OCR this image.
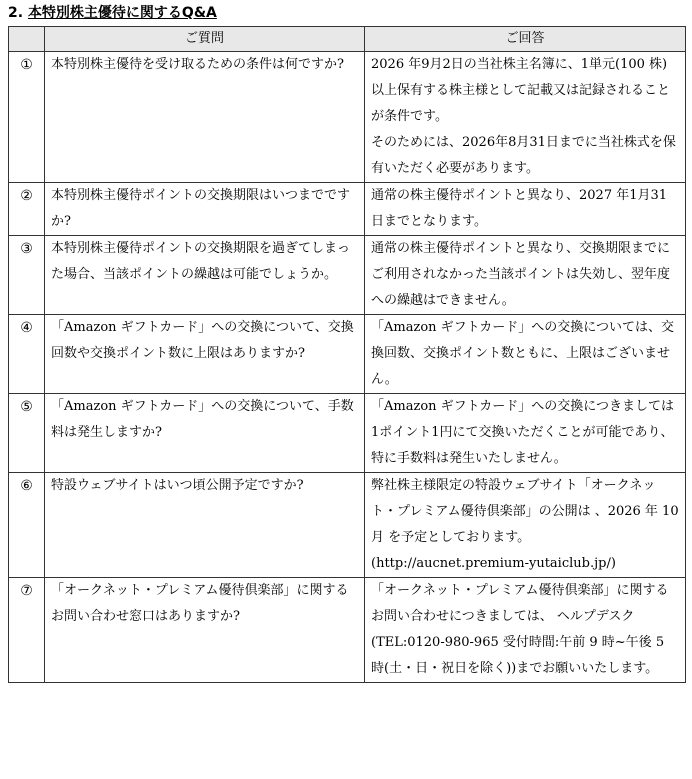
2. 本特別株主優待に関するQ&A
	ご質問	ご回答
①	本特別株主優待を受け取るための条件は何ですか?	2026 年9月2日の当社株主名簿に、1単元(100 株)以上保有する株主様として記載又は記録されることが条件です。

そのためには、2026年8月31日までに当社株式を保有いただく必要があります。

②	本特別株主優待ポイントの交換期限はいつまでですか?	通常の株主優待ポイントと異なり、2027 年1月31日までとなります。

③	本特別株主優待ポイントの交換期限を過ぎてしまった場合、当該ポイントの繰越は可能でしょうか。	通常の株主優待ポイントと異なり、交換期限までにご利用されなかった当該ポイントは失効し、翌年度への繰越はできません。

④	「Amazon ギフトカード」への交換について、交換回数や交換ポイント数に上限はありますか?	「Amazon ギフトカード」への交換については、交換回数、交換ポイント数ともに、上限はございません。

⑤	「Amazon ギフトカード」への交換について、手数料は発生しますか?	「Amazon ギフトカード」への交換につきましては1ポイント1円にて交換いただくことが可能であり、特に手数料は発生いたしません。

⑥	特設ウェブサイトはいつ頃公開予定ですか?	弊社株主様限定の特設ウェブサイト「オークネット・プレミアム優待倶楽部」の公開は 、2026 年 10 月 を予定としております。(http://aucnet.premium-yutaiclub.jp/)

⑦	「オークネット・プレミアム優待倶楽部」に関するお問い合わせ窓口はありますか?	「オークネット・プレミアム優待倶楽部」に関するお問い合わせにつきましては、 ヘルプデスク(TEL:0120-980-965 受付時間:午前 9 時~午後 5 時(土・日・祝日を除く))までお願いいたします。
